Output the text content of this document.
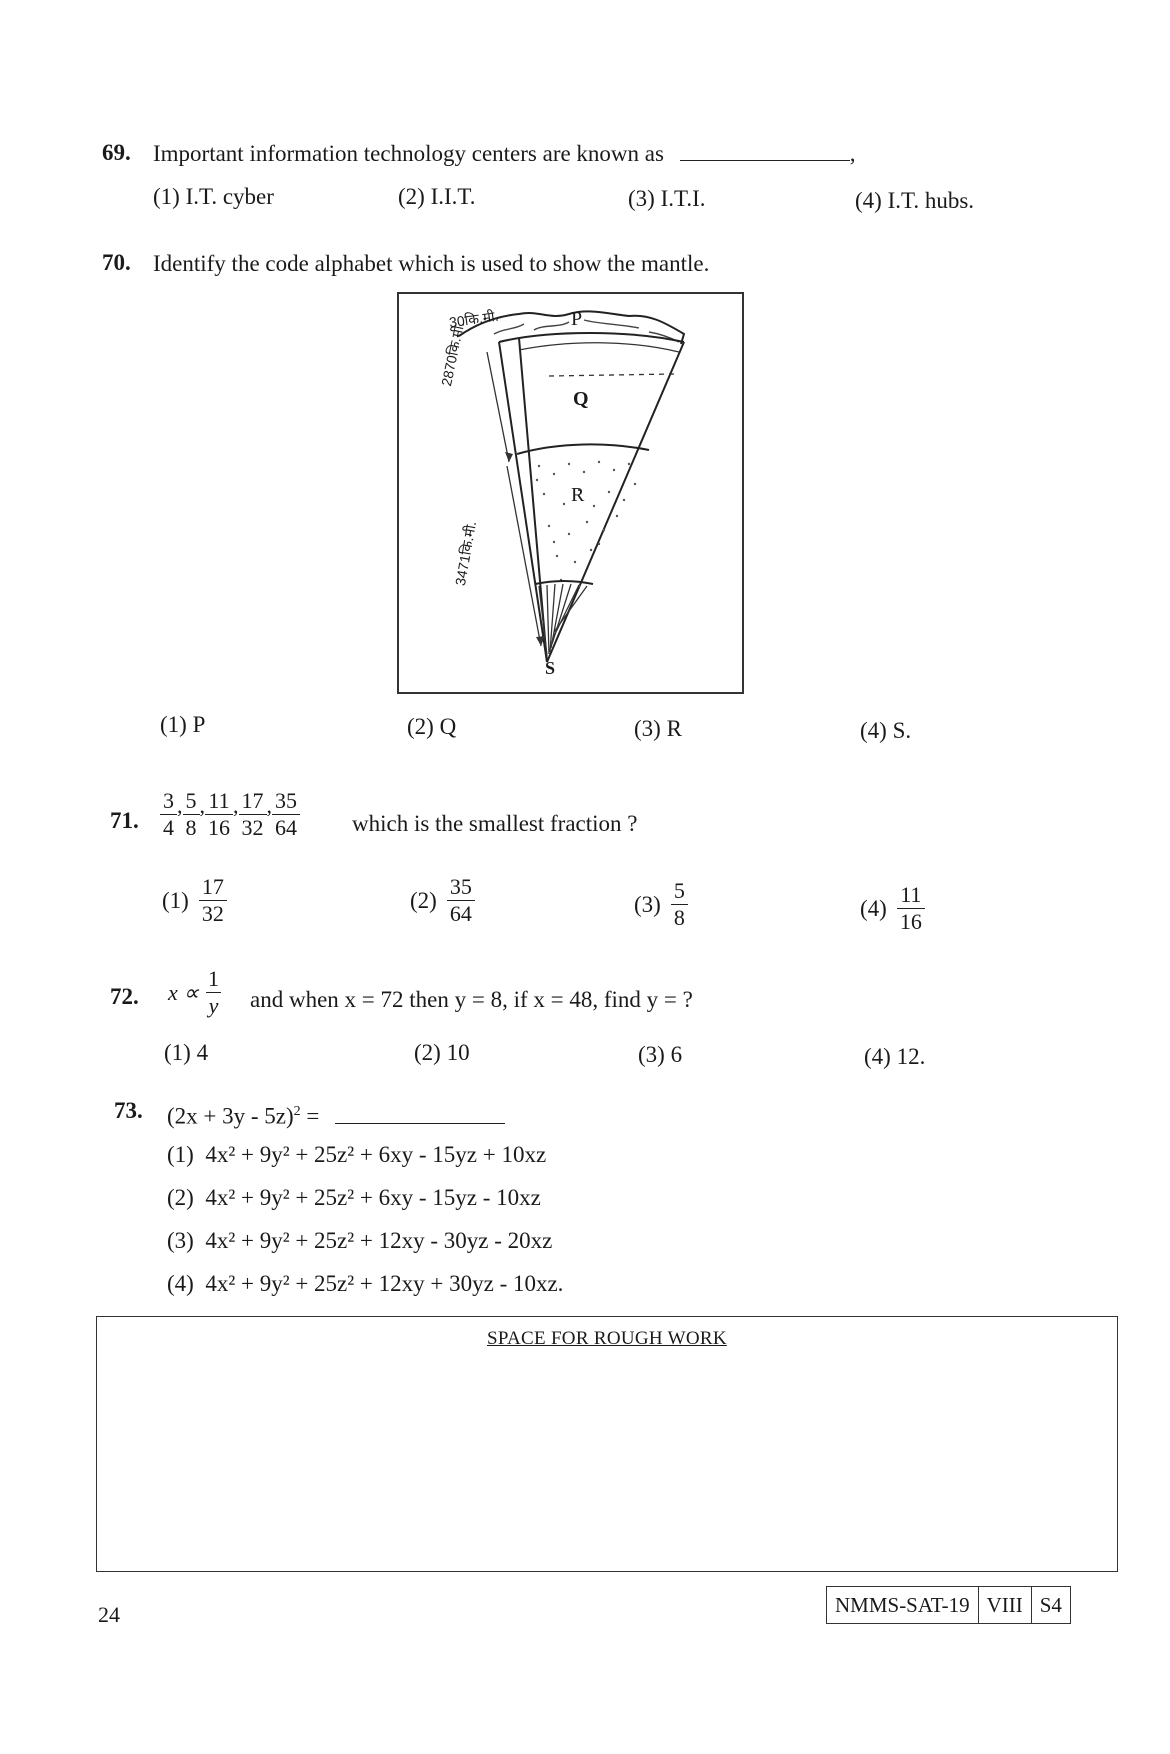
69. Important information technology centers are known as	,
(1) I.T. cyber	(2) I.I.T.	(3) I.T.I.	(4) I.T. hubs.
70. Identify the code alphabet which is used to show the mantle.
30कि.मी.
2870कि.मी.
3471कि.मी.
P
Q
R
S
(1) P	(2) Q	(3) R	(4) S.
71. $\frac{3}{4}$ , $\frac{5}{8}$ , $\frac{11}{16}$ , $\frac{17}{32}$ , $\frac{35}{64}$ which is the smallest fraction ?
$(1) \frac{17}{32}$	$(2) \frac{35}{64}$	$(3) \frac{5}{8}$	$(4) \frac{11}{16}$
72. $x \propto \frac{1}{y}$ and when x = 72 then y = 8, if x = 48, find y = ?
(1) 4	(2) 10	(3) 6	(4) 12.
73. $(2x + 3y - 5z)^2$ =
(1) 4x² + 9y² + 25z² + 6xy - 15yz + 10xz
(2) 4x² + 9y² + 25z² + 6xy - 15yz - 10xz
(3) 4x² + 9y² + 25z² + 12xy - 30yz - 20xz
(4) 4x² + 9y² + 25z² + 12xy + 30yz - 10xz.
SPACE FOR ROUGH WORK
24	NMMS-SAT-19 VIII S4
